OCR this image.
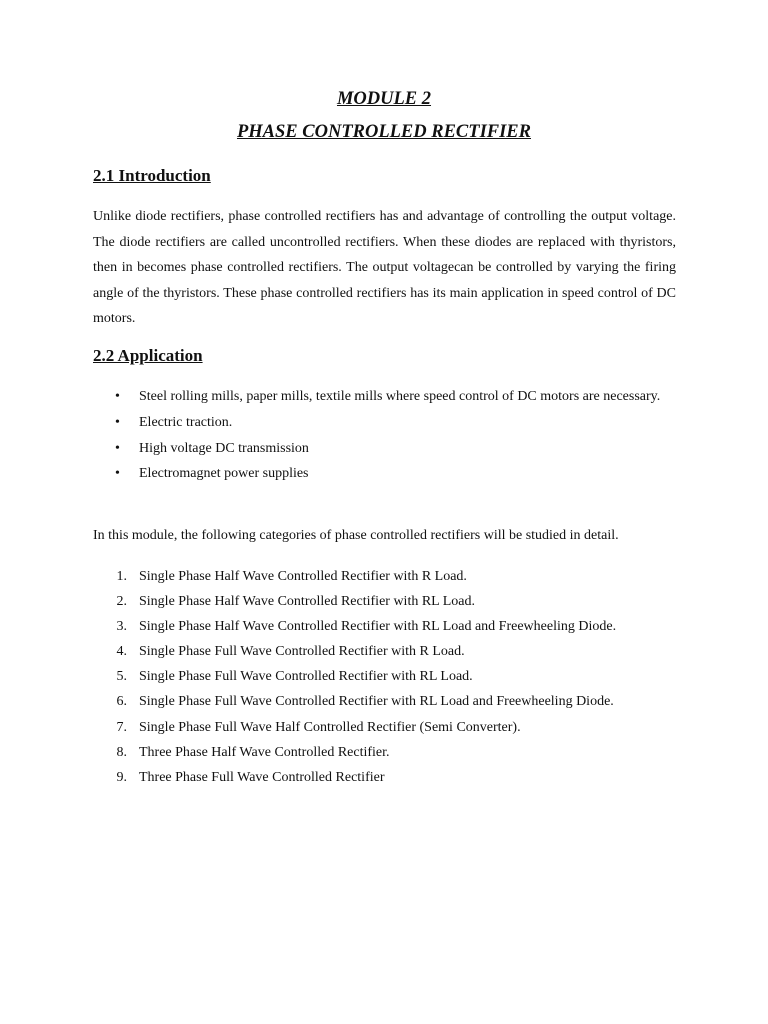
MODULE 2
PHASE CONTROLLED RECTIFIER
2.1 Introduction

Unlike diode rectifiers, phase controlled rectifiers has and advantage of controlling the output voltage. The diode rectifiers are called uncontrolled rectifiers. When these diodes are replaced with thyristors, then in becomes phase controlled rectifiers. The output voltagecan be controlled by varying the firing angle of the thyristors. These phase controlled rectifiers has its main application in speed control of DC motors.

2.2 Application
• Steel rolling mills, paper mills, textile mills where speed control of DC motors are necessary.
• Electric traction.
• High voltage DC transmission
• Electromagnet power supplies

In this module, the following categories of phase controlled rectifiers will be studied in detail.

1. Single Phase Half Wave Controlled Rectifier with R Load.
2. Single Phase Half Wave Controlled Rectifier with RL Load.
3. Single Phase Half Wave Controlled Rectifier with RL Load and Freewheeling Diode.
4. Single Phase Full Wave Controlled Rectifier with R Load.
5. Single Phase Full Wave Controlled Rectifier with RL Load.
6. Single Phase Full Wave Controlled Rectifier with RL Load and Freewheeling Diode.
7. Single Phase Full Wave Half Controlled Rectifier (Semi Converter).
8. Three Phase Half Wave Controlled Rectifier.
9. Three Phase Full Wave Controlled Rectifier
